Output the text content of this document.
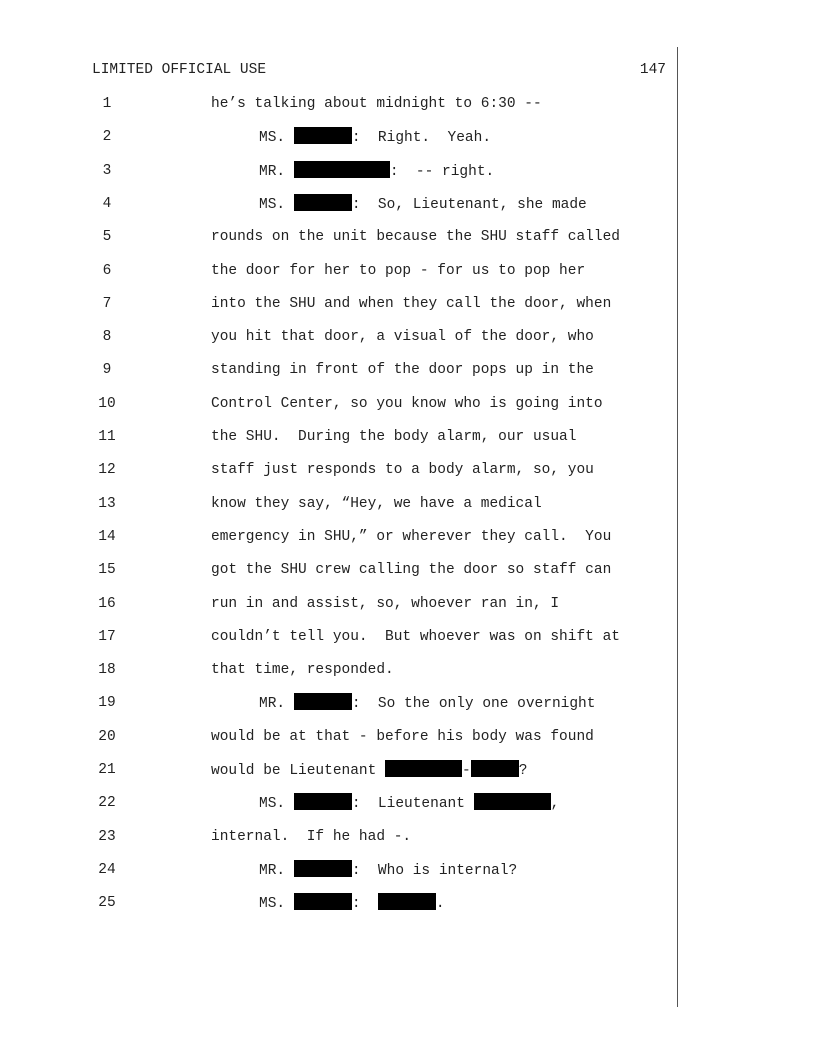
LIMITED OFFICIAL USE	147
1	he’s talking about midnight to 6:30 --
2	MS.	:  Right.  Yeah.
3	MR.	:  -- right.
4	MS.	:  So, Lieutenant, she made
5	rounds on the unit because the SHU staff called
6	the door for her to pop - for us to pop her
7	into the SHU and when they call the door, when
8	you hit that door, a visual of the door, who
9	standing in front of the door pops up in the
10	Control Center, so you know who is going into
11	the SHU.  During the body alarm, our usual
12	staff just responds to a body alarm, so, you
13	know they say, “Hey, we have a medical
14	emergency in SHU,” or wherever they call.  You
15	got the SHU crew calling the door so staff can
16	run in and assist, so, whoever ran in, I
17	couldn’t tell you.  But whoever was on shift at
18	that time, responded.
19	MR.	:  So the only one overnight
20	would be at that - before his body was found
21	would be Lieutenant	-	?
22	MS.	:  Lieutenant	,
23	internal.  If he had -.
24	MR.	:  Who is internal?
25	MS.	:	.
